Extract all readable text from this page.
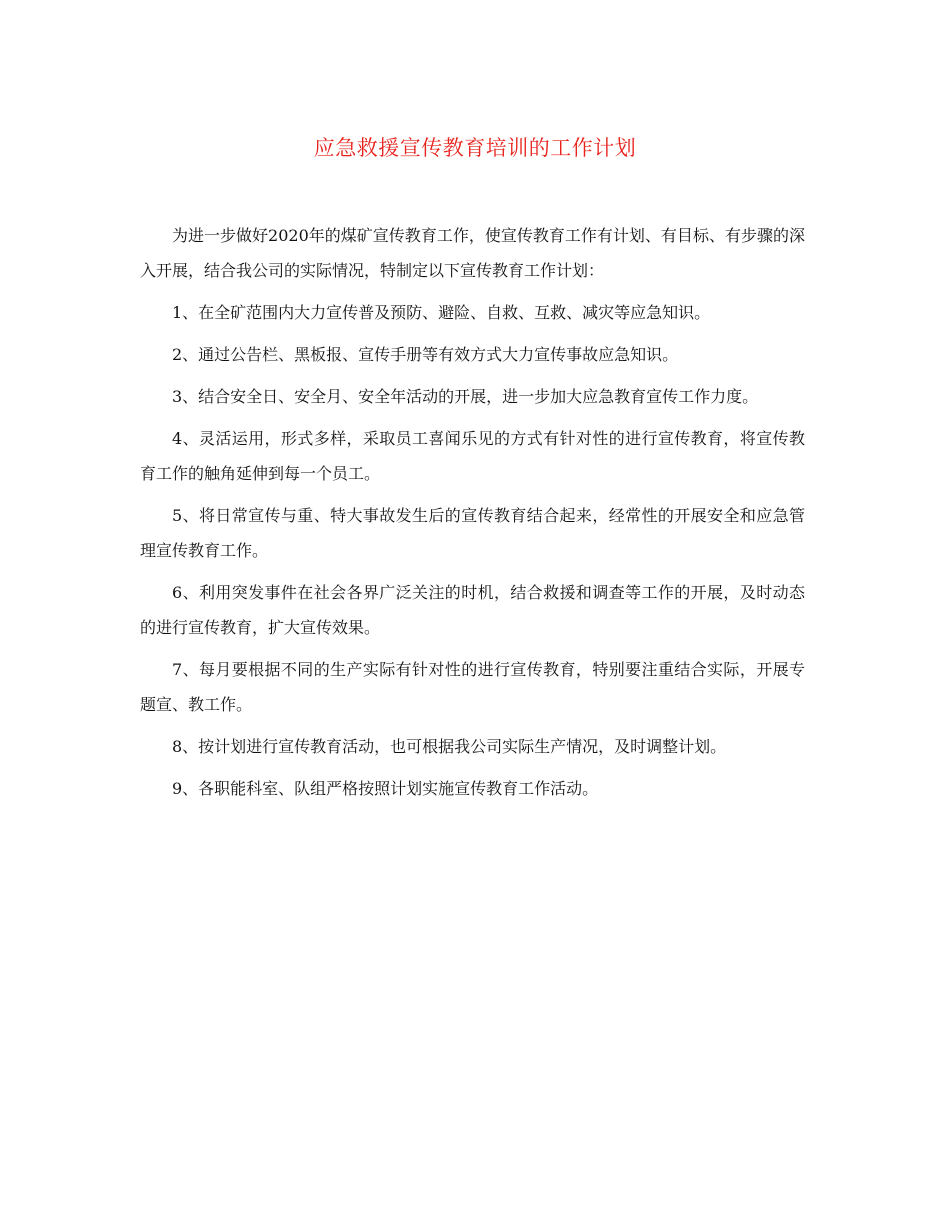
应急救援宣传教育培训的工作计划

为进一步做好2020年的煤矿宣传教育工作，使宣传教育工作有计划、有目标、有步骤的深入开展，结合我公司的实际情况，特制定以下宣传教育工作计划：

1、在全矿范围内大力宣传普及预防、避险、自救、互救、减灾等应急知识。

2、通过公告栏、黑板报、宣传手册等有效方式大力宣传事故应急知识。

3、结合安全日、安全月、安全年活动的开展，进一步加大应急教育宣传工作力度。

4、灵活运用，形式多样，采取员工喜闻乐见的方式有针对性的进行宣传教育，将宣传教育工作的触角延伸到每一个员工。

5、将日常宣传与重、特大事故发生后的宣传教育结合起来，经常性的开展安全和应急管理宣传教育工作。

6、利用突发事件在社会各界广泛关注的时机，结合救援和调查等工作的开展，及时动态的进行宣传教育，扩大宣传效果。

7、每月要根据不同的生产实际有针对性的进行宣传教育，特别要注重结合实际，开展专题宣、教工作。

8、按计划进行宣传教育活动，也可根据我公司实际生产情况，及时调整计划。

9、各职能科室、队组严格按照计划实施宣传教育工作活动。
